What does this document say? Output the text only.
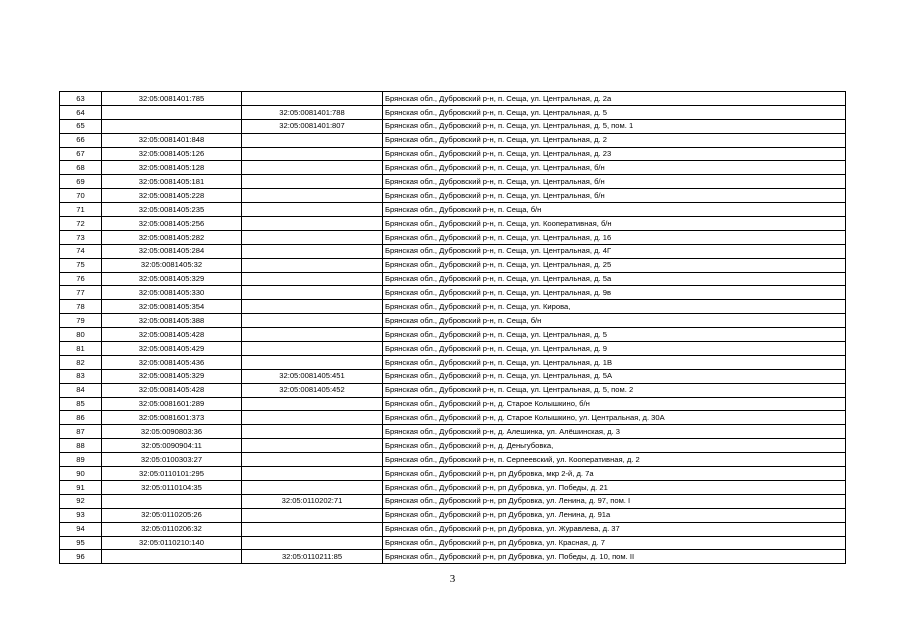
63	32:05:0081401:785		Брянская обл., Дубровский р-н, п. Сеща, ул. Центральная, д. 2а
64		32:05:0081401:788	Брянская обл., Дубровский р-н, п. Сеща, ул. Центральная, д. 5
65		32:05:0081401:807	Брянская обл., Дубровский р-н, п. Сеща, ул. Центральная, д. 5, пом. 1
66	32:05:0081401:848		Брянская обл., Дубровский р-н, п. Сеща, ул. Центральная, д. 2
67	32:05:0081405:126		Брянская обл., Дубровский р-н, п. Сеща, ул. Центральная, д. 23
68	32:05:0081405:128		Брянская обл., Дубровский р-н, п. Сеща, ул. Центральная, б/н
69	32:05:0081405:181		Брянская обл., Дубровский р-н, п. Сеща, ул. Центральная, б/н
70	32:05:0081405:228		Брянская обл., Дубровский р-н, п. Сеща, ул. Центральная, б/н
71	32:05:0081405:235		Брянская обл., Дубровский р-н, п. Сеща, б/н
72	32:05:0081405:256		Брянская обл., Дубровский р-н, п. Сеща, ул. Кооперативная, б/н
73	32:05:0081405:282		Брянская обл., Дубровский р-н, п. Сеща, ул. Центральная, д. 16
74	32:05:0081405:284		Брянская обл., Дубровский р-н, п. Сеща, ул. Центральная, д. 4Г
75	32:05:0081405:32		Брянская обл., Дубровский р-н, п. Сеща, ул. Центральная, д. 25
76	32:05:0081405:329		Брянская обл., Дубровский р-н, п. Сеща, ул. Центральная, д. 5а
77	32:05:0081405:330		Брянская обл., Дубровский р-н, п. Сеща, ул. Центральная, д. 9в
78	32:05:0081405:354		Брянская обл., Дубровский р-н, п. Сеща, ул. Кирова,
79	32:05:0081405:388		Брянская обл., Дубровский р-н, п. Сеща, б/н
80	32:05:0081405:428		Брянская обл., Дубровский р-н, п. Сеща, ул. Центральная, д. 5
81	32:05:0081405:429		Брянская обл., Дубровский р-н, п. Сеща, ул. Центральная, д. 9
82	32:05:0081405:436		Брянская обл., Дубровский р-н, п. Сеща, ул. Центральная, д. 1В
83	32:05:0081405:329	32:05:0081405:451	Брянская обл., Дубровский р-н, п. Сеща, ул. Центральная, д. 5А
84	32:05:0081405:428	32:05:0081405:452	Брянская обл., Дубровский р-н, п. Сеща, ул. Центральная, д. 5, пом. 2
85	32:05:0081601:289		Брянская обл., Дубровский р-н, д. Старое Колышкино, б/н
86	32:05:0081601:373		Брянская обл., Дубровский р-н, д. Старое Колышкино, ул. Центральная, д. 30А
87	32:05:0090803:36		Брянская обл., Дубровский р-н, д. Алешинка, ул. Алёшинская, д. 3
88	32:05:0090904:11		Брянская обл., Дубровский р-н, д. Деньгубовка,
89	32:05:0100303:27		Брянская обл., Дубровский р-н, п. Серпеевский, ул. Кооперативная, д. 2
90	32:05:0110101:295		Брянская обл., Дубровский р-н, рп Дубровка, мкр 2-й, д. 7а
91	32:05:0110104:35		Брянская обл., Дубровский р-н, рп Дубровка, ул. Победы, д. 21
92		32:05:0110202:71	Брянская обл., Дубровский р-н, рп Дубровка, ул. Ленина, д. 97, пом. I
93	32:05:0110205:26		Брянская обл., Дубровский р-н, рп Дубровка, ул. Ленина, д. 91а
94	32:05:0110206:32		Брянская обл., Дубровский р-н, рп Дубровка, ул. Журавлева, д. 37
95	32:05:0110210:140		Брянская обл., Дубровский р-н, рп Дубровка, ул. Красная, д. 7
96		32:05:0110211:85	Брянская обл., Дубровский р-н, рп Дубровка, ул. Победы, д. 10, пом. II
3
